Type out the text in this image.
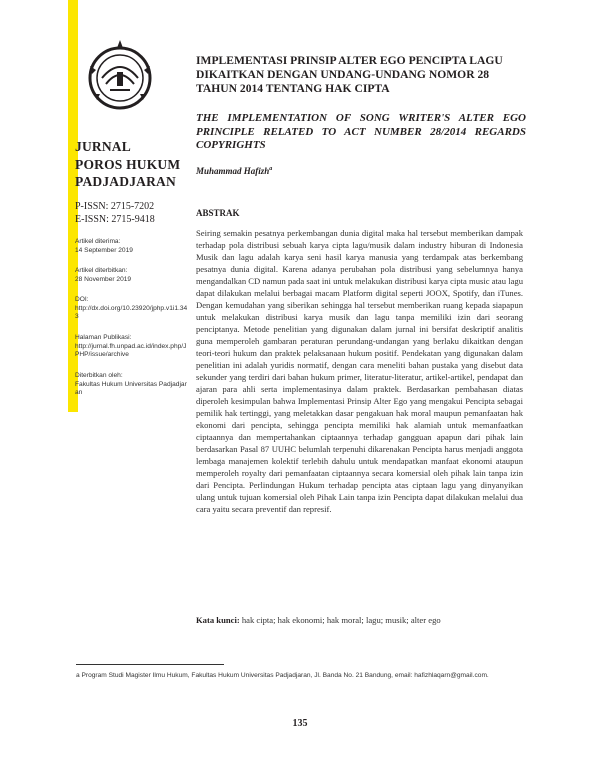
JURNAL
POROS HUKUM
PADJADJARAN
P-ISSN: 2715-7202
E-ISSN: 2715-9418
Artikel diterima:
14 September 2019
Artikel diterbitkan:
28 November 2019
DOI:
http://dx.doi.org/10.23920/jphp.v1i1.343
Halaman Publikasi:
http://jurnal.fh.unpad.ac.id/index.php/JPHP/issue/archive
Diterbitkan oleh:
Fakultas Hukum Universitas Padjadjaran
IMPLEMENTASI PRINSIP ALTER EGO PENCIPTA LAGU DIKAITKAN DENGAN UNDANG-UNDANG NOMOR 28 TAHUN 2014 TENTANG HAK CIPTA
THE IMPLEMENTATION OF SONG WRITER'S ALTER EGO PRINCIPLE RELATED TO ACT NUMBER 28/2014 REGARDS COPYRIGHTS
Muhammad Hafizh$^a$
ABSTRAK
Seiring semakin pesatnya perkembangan dunia digital maka hal tersebut memberikan dampak terhadap pola distribusi sebuah karya cipta lagu/musik dalam industry hiburan di Indonesia Musik dan lagu adalah karya seni hasil karya manusia yang terdampak atas berkembang pesatnya dunia digital. Karena adanya perubahan pola distribusi yang sebelumnya hanya mengandalkan CD namun pada saat ini untuk melakukan distribusi karya cipta music atau lagu dapat dilakukan melalui berbagai macam Platform digital seperti JOOX, Spotify, dan iTunes. Dengan kemudahan yang siberikan sehingga hal tersebut memberikan ruang kepada siapapun untuk melakukan distribusi karya musik dan lagu tanpa memiliki izin dari seorang penciptanya. Metode penelitian yang digunakan dalam jurnal ini bersifat deskriptif analitis guna memperoleh gambaran peraturan perundang-undangan yang berlaku dikaitkan dengan teori-teori hukum dan praktek pelaksanaan hukum positif. Pendekatan yang digunakan dalam penelitian ini adalah yuridis normatif, dengan cara meneliti bahan pustaka yang disebut data sekunder yang terdiri dari bahan hukum primer, literatur-literatur, artikel-artikel, pendapat dan ajaran para ahli serta implementasinya dalam praktek. Berdasarkan pembahasan diatas diperoleh kesimpulan bahwa Implementasi Prinsip Alter Ego yang mengakui Pencipta sebagai pemilik hak tertinggi, yang meletakkan dasar pengakuan hak moral maupun pemanfaatan hak ekonomi dari pencipta, sehingga pencipta memiliki hak alamiah untuk memanfaatkan ciptaannya dan mempertahankan ciptaannya terhadap gangguan apapun dari pihak lain berdasarkan Pasal 87 UUHC belumlah terpenuhi dikarenakan Pencipta harus menjadi anggota lembaga manajemen kolektif terlebih dahulu untuk mendapatkan manfaat ekonomi ataupun memperoleh royalty dari pemanfaatan ciptaannya secara komersial oleh pihak lain tanpa izin dari Pencipta. Perlindungan Hukum terhadap pencipta atas ciptaan lagu yang dinyanyikan ulang untuk tujuan komersial oleh Pihak Lain tanpa izin Pencipta dapat dilakukan melalui dua cara yaitu secara preventif dan represif.
Kata kunci: hak cipta; hak ekonomi; hak moral; lagu; musik; alter ego
a Program Studi Magister Ilmu Hukum, Fakultas Hukum Universitas Padjadjaran, Jl. Banda No. 21 Bandung, email: hafizhlaqarn@gmail.com.
135
